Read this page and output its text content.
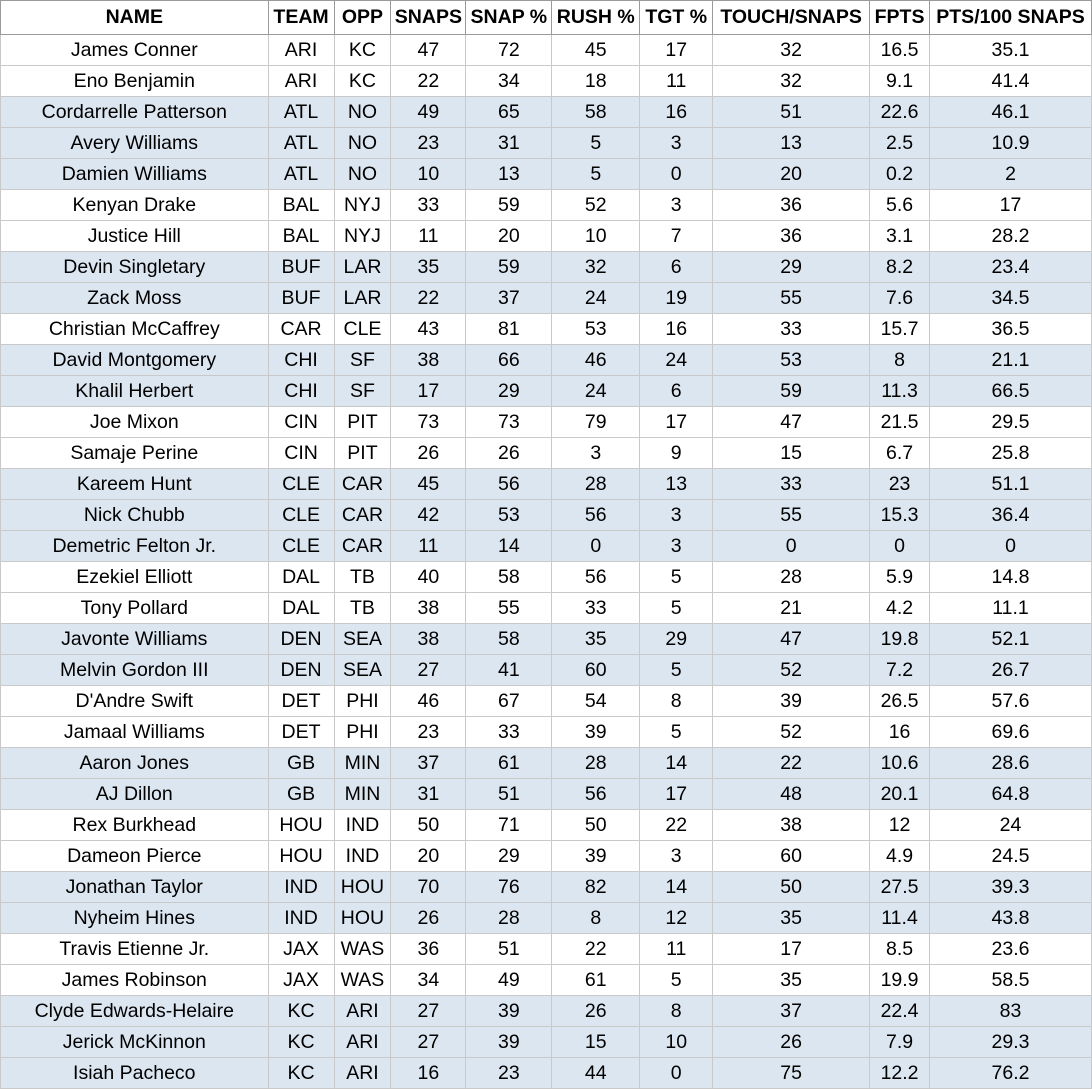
NAME	TEAM	OPP	SNAPS	SNAP %	RUSH %	TGT %	TOUCH/SNAPS	FPTS	PTS/100 SNAPS
James Conner	ARI	KC	47	72	45	17	32	16.5	35.1
Eno Benjamin	ARI	KC	22	34	18	11	32	9.1	41.4
Cordarrelle Patterson	ATL	NO	49	65	58	16	51	22.6	46.1
Avery Williams	ATL	NO	23	31	5	3	13	2.5	10.9
Damien Williams	ATL	NO	10	13	5	0	20	0.2	2
Kenyan Drake	BAL	NYJ	33	59	52	3	36	5.6	17
Justice Hill	BAL	NYJ	11	20	10	7	36	3.1	28.2
Devin Singletary	BUF	LAR	35	59	32	6	29	8.2	23.4
Zack Moss	BUF	LAR	22	37	24	19	55	7.6	34.5
Christian McCaffrey	CAR	CLE	43	81	53	16	33	15.7	36.5
David Montgomery	CHI	SF	38	66	46	24	53	8	21.1
Khalil Herbert	CHI	SF	17	29	24	6	59	11.3	66.5
Joe Mixon	CIN	PIT	73	73	79	17	47	21.5	29.5
Samaje Perine	CIN	PIT	26	26	3	9	15	6.7	25.8
Kareem Hunt	CLE	CAR	45	56	28	13	33	23	51.1
Nick Chubb	CLE	CAR	42	53	56	3	55	15.3	36.4
Demetric Felton Jr.	CLE	CAR	11	14	0	3	0	0	0
Ezekiel Elliott	DAL	TB	40	58	56	5	28	5.9	14.8
Tony Pollard	DAL	TB	38	55	33	5	21	4.2	11.1
Javonte Williams	DEN	SEA	38	58	35	29	47	19.8	52.1
Melvin Gordon III	DEN	SEA	27	41	60	5	52	7.2	26.7
D'Andre Swift	DET	PHI	46	67	54	8	39	26.5	57.6
Jamaal Williams	DET	PHI	23	33	39	5	52	16	69.6
Aaron Jones	GB	MIN	37	61	28	14	22	10.6	28.6
AJ Dillon	GB	MIN	31	51	56	17	48	20.1	64.8
Rex Burkhead	HOU	IND	50	71	50	22	38	12	24
Dameon Pierce	HOU	IND	20	29	39	3	60	4.9	24.5
Jonathan Taylor	IND	HOU	70	76	82	14	50	27.5	39.3
Nyheim Hines	IND	HOU	26	28	8	12	35	11.4	43.8
Travis Etienne Jr.	JAX	WAS	36	51	22	11	17	8.5	23.6
James Robinson	JAX	WAS	34	49	61	5	35	19.9	58.5
Clyde Edwards-Helaire	KC	ARI	27	39	26	8	37	22.4	83
Jerick McKinnon	KC	ARI	27	39	15	10	26	7.9	29.3
Isiah Pacheco	KC	ARI	16	23	44	0	75	12.2	76.2
